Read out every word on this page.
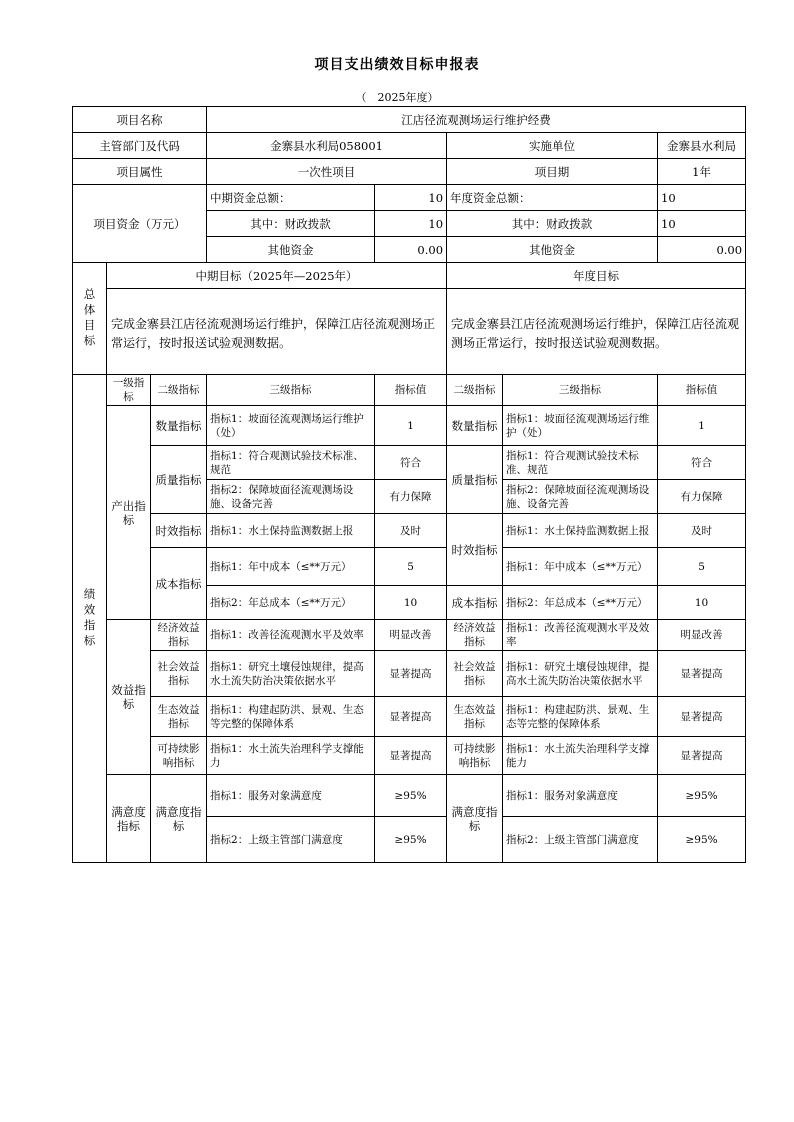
项目支出绩效目标申报表
（　2025年度）
项目名称			江店径流观测场运行维护经费				
主管部门及代码			金寨县水利局058001		实施单位		金寨县水利局
项目属性			一次性项目		项目期		1年
项目资金（万元）			中期资金总额：	10	年度资金总额：		10
			其中：财政拨款	10	其中：财政拨款		10
			其他资金	0.00	其他资金		0.00

总体目标	中期目标（2025年—2025年）				年度目标		
	完成金寨县江店径流观测场运行维护，保障江店径流观测场正常运行，按时报送试验观测数据。				完成金寨县江店径流观测场运行维护，保障江店径流观测场正常运行，按时报送试验观测数据。		

绩效指标	一级指标	二级指标	三级指标	指标值	二级指标	三级指标	指标值
	产出指标	数量指标	指标1：坡面径流观测场运行维护（处）	1	数量指标	指标1：坡面径流观测场运行维护（处）	1
		质量指标	指标1：符合观测试验技术标准、规范	符合	质量指标	指标1：符合观测试验技术标准、规范	符合
			指标2：保障坡面径流观测场设施、设备完善	有力保障		指标2：保障坡面径流观测场设施、设备完善	有力保障
		时效指标	指标1：水土保持监测数据上报	及时	时效指标	指标1：水土保持监测数据上报	及时
		成本指标	指标1：年中成本（≤**万元）	5		指标1：年中成本（≤**万元）	5
			指标2：年总成本（≤**万元）	10	成本指标	指标2：年总成本（≤**万元）	10
	效益指标	经济效益指标	指标1：改善径流观测水平及效率	明显改善	经济效益指标	指标1：改善径流观测水平及效率	明显改善
		社会效益指标	指标1：研究土壤侵蚀规律，提高水土流失防治决策依据水平	显著提高	社会效益指标	指标1：研究土壤侵蚀规律，提高水土流失防治决策依据水平	显著提高
		生态效益指标	指标1：构建起防洪、景观、生态等完整的保障体系	显著提高	生态效益指标	指标1：构建起防洪、景观、生态等完整的保障体系	显著提高
		可持续影响指标	指标1：水土流失治理科学支撑能力	显著提高	可持续影响指标	指标1：水土流失治理科学支撑能力	显著提高
	满意度指标	满意度指标	指标1：服务对象满意度	≥95%	满意度指标	指标1：服务对象满意度	≥95%
			指标2：上级主管部门满意度	≥95%		指标2：上级主管部门满意度	≥95%
